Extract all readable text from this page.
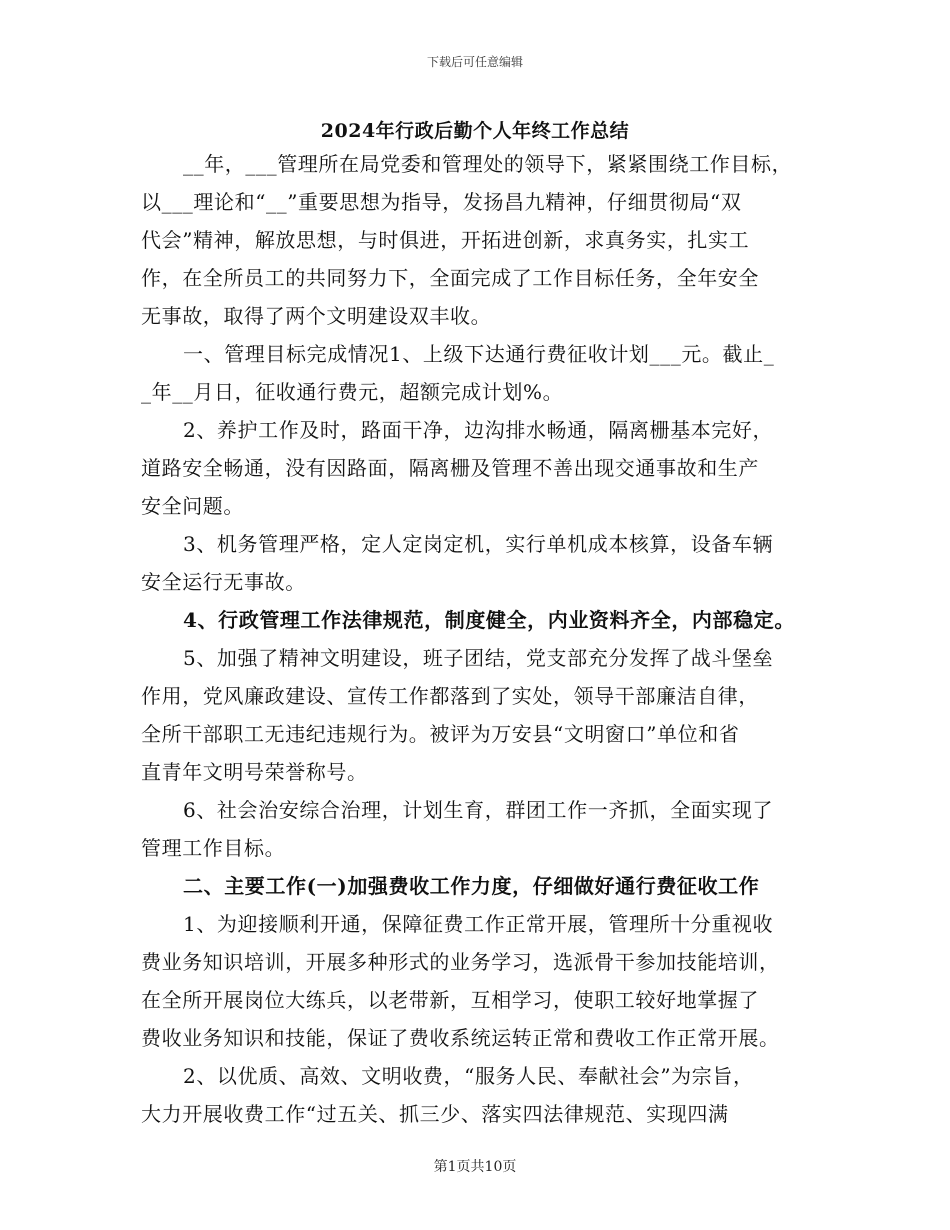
下载后可任意编辑
2024年行政后勤个人年终工作总结
__年，___管理所在局党委和管理处的领导下，紧紧围绕工作目标，
以___理论和“__”重要思想为指导，发扬昌九精神，仔细贯彻局“双
代会”精神，解放思想，与时俱进，开拓进创新，求真务实，扎实工
作，在全所员工的共同努力下，全面完成了工作目标任务，全年安全
无事故，取得了两个文明建设双丰收。
一、管理目标完成情况1、上级下达通行费征收计划___元。截止_
_年__月日，征收通行费元，超额完成计划%。
2、养护工作及时，路面干净，边沟排水畅通，隔离栅基本完好，
道路安全畅通，没有因路面，隔离栅及管理不善出现交通事故和生产
安全问题。
3、机务管理严格，定人定岗定机，实行单机成本核算，设备车辆
安全运行无事故。
4、行政管理工作法律规范，制度健全，内业资料齐全，内部稳定。
5、加强了精神文明建设，班子团结，党支部充分发挥了战斗堡垒
作用，党风廉政建设、宣传工作都落到了实处，领导干部廉洁自律，
全所干部职工无违纪违规行为。被评为万安县“文明窗口”单位和省
直青年文明号荣誉称号。
6、社会治安综合治理，计划生育，群团工作一齐抓，全面实现了
管理工作目标。
二、主要工作(一)加强费收工作力度，仔细做好通行费征收工作
1、为迎接顺利开通，保障征费工作正常开展，管理所十分重视收
费业务知识培训，开展多种形式的业务学习，选派骨干参加技能培训，
在全所开展岗位大练兵，以老带新，互相学习，使职工较好地掌握了
费收业务知识和技能，保证了费收系统运转正常和费收工作正常开展。
2、以优质、高效、文明收费，“服务人民、奉献社会”为宗旨，
大力开展收费工作“过五关、抓三少、落实四法律规范、实现四满
第1页共10页
